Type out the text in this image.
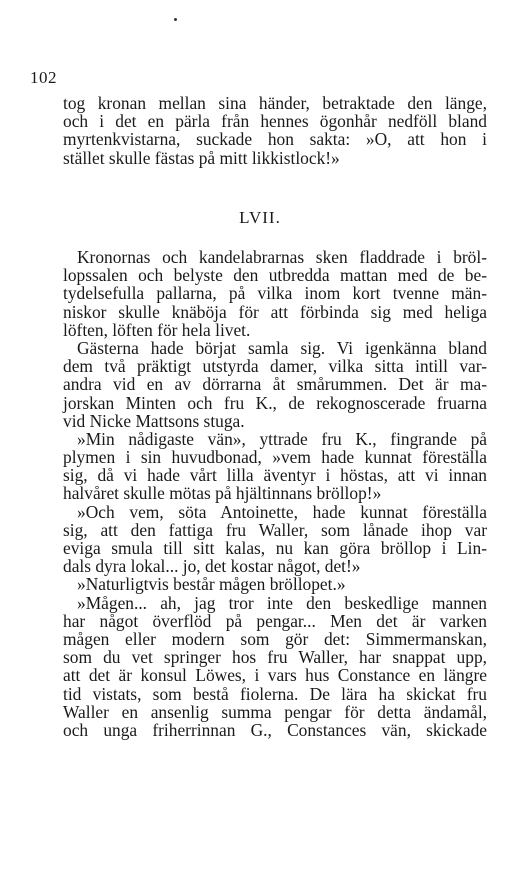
102
tog kronan mellan sina händer, betraktade den länge,
och i det en pärla från hennes ögonhår nedföll bland
myrtenkvistarna, suckade hon sakta: »O, att hon i
stället skulle fästas på mitt likkistlock!»
LVII.
Kronornas och kandelabrarnas sken fladdrade i bröl-
lopssalen och belyste den utbredda mattan med de be-
tydelsefulla pallarna, på vilka inom kort tvenne män-
niskor skulle knäböja för att förbinda sig med heliga
löften, löften för hela livet.
Gästerna hade börjat samla sig. Vi igenkänna bland
dem två präktigt utstyrda damer, vilka sitta intill var-
andra vid en av dörrarna åt smårummen. Det är ma-
jorskan Minten och fru K., de rekognoscerade fruarna
vid Nicke Mattsons stuga.
»Min nådigaste vän», yttrade fru K., fingrande på
plymen i sin huvudbonad, »vem hade kunnat föreställa
sig, då vi hade vårt lilla äventyr i höstas, att vi innan
halvåret skulle mötas på hjältinnans bröllop!»
»Och vem, söta Antoinette, hade kunnat föreställa
sig, att den fattiga fru Waller, som lånade ihop var
eviga smula till sitt kalas, nu kan göra bröllop i Lin-
dals dyra lokal... jo, det kostar något, det!»
»Naturligtvis består mågen bröllopet.»
»Mågen... ah, jag tror inte den beskedlige mannen
har något överflöd på pengar... Men det är varken
mågen eller modern som gör det: Simmermanskan,
som du vet springer hos fru Waller, har snappat upp,
att det är konsul Löwes, i vars hus Constance en längre
tid vistats, som bestå fiolerna. De lära ha skickat fru
Waller en ansenlig summa pengar för detta ändamål,
och unga friherrinnan G., Constances vän, skickade
